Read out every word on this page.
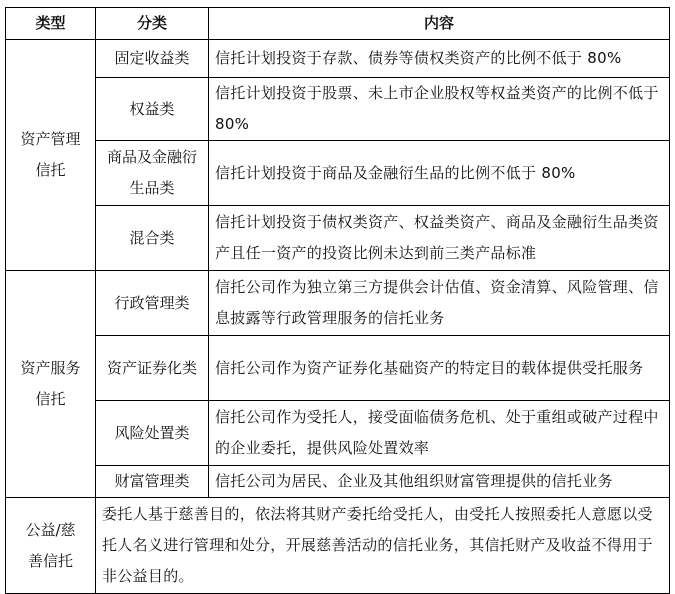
类型	分类	内容
资产管理信托	固定收益类	信托计划投资于存款、债券等债权类资产的比例不低于 80%
	权益类	信托计划投资于股票、未上市企业股权等权益类资产的比例不低于 80%
	商品及金融衍生品类	信托计划投资于商品及金融衍生品的比例不低于 80%
	混合类	信托计划投资于债权类资产、权益类资产、商品及金融衍生品类资产且任一资产的投资比例未达到前三类产品标准
资产服务信托	行政管理类	信托公司作为独立第三方提供会计估值、资金清算、风险管理、信息披露等行政管理服务的信托业务
	资产证券化类	信托公司作为资产证券化基础资产的特定目的载体提供受托服务
	风险处置类	信托公司作为受托人，接受面临债务危机、处于重组或破产过程中的企业委托，提供风险处置效率
	财富管理类	信托公司为居民、企业及其他组织财富管理提供的信托业务
公益/慈善信托	委托人基于慈善目的，依法将其财产委托给受托人，由受托人按照委托人意愿以受托人名义进行管理和处分，开展慈善活动的信托业务，其信托财产及收益不得用于非公益目的。	
